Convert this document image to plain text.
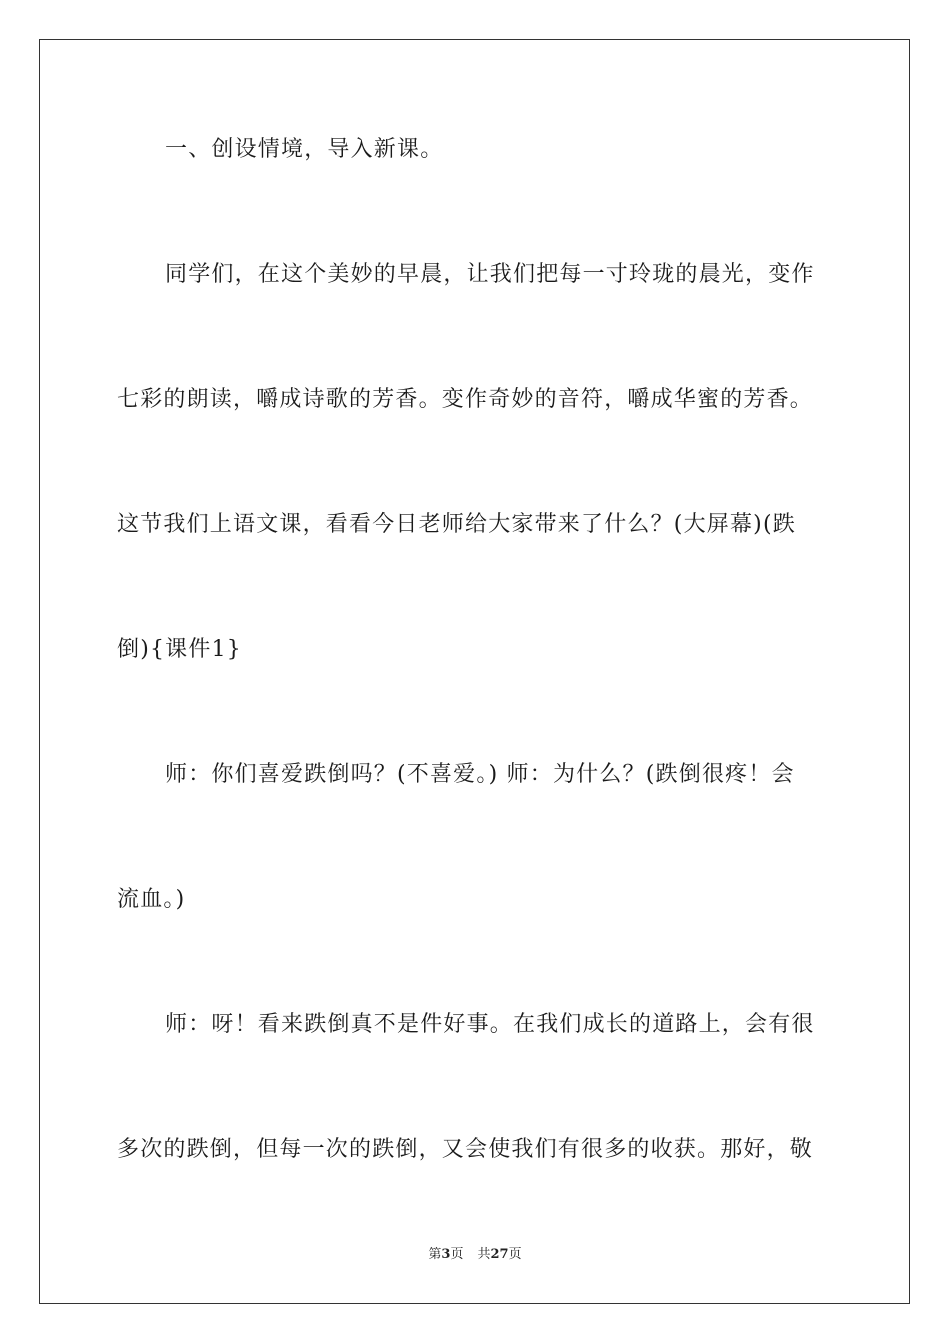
一、创设情境，导入新课。
同学们，在这个美妙的早晨，让我们把每一寸玲珑的晨光，变作
七彩的朗读，嚼成诗歌的芳香。变作奇妙的音符，嚼成华蜜的芳香。
这节我们上语文课，看看今日老师给大家带来了什么？(大屏幕)(跌
倒){课件1}
师：你们喜爱跌倒吗？(不喜爱。) 师：为什么？(跌倒很疼！会
流血。)
师：呀！看来跌倒真不是件好事。在我们成长的道路上，会有很
多次的跌倒，但每一次的跌倒，又会使我们有很多的收获。那好，敬
第3页 共27页
